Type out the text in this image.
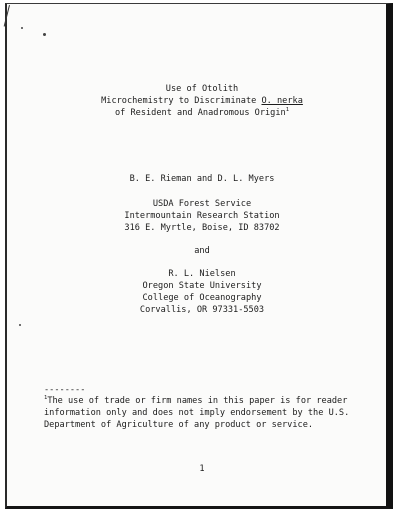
Use of Otolith
Microchemistry to Discriminate O. nerka
of Resident and Anadromous Origin$^1$
B. E. Rieman and D. L. Myers
USDA Forest Service
Intermountain Research Station
316 E. Myrtle, Boise, ID 83702
and
R. L. Nielsen
Oregon State University
College of Oceanography
Corvallis, OR 97331-5503
--------
$^1$The use of trade or firm names in this paper is for reader
information only and does not imply endorsement by the U.S.
Department of Agriculture of any product or service.
1
